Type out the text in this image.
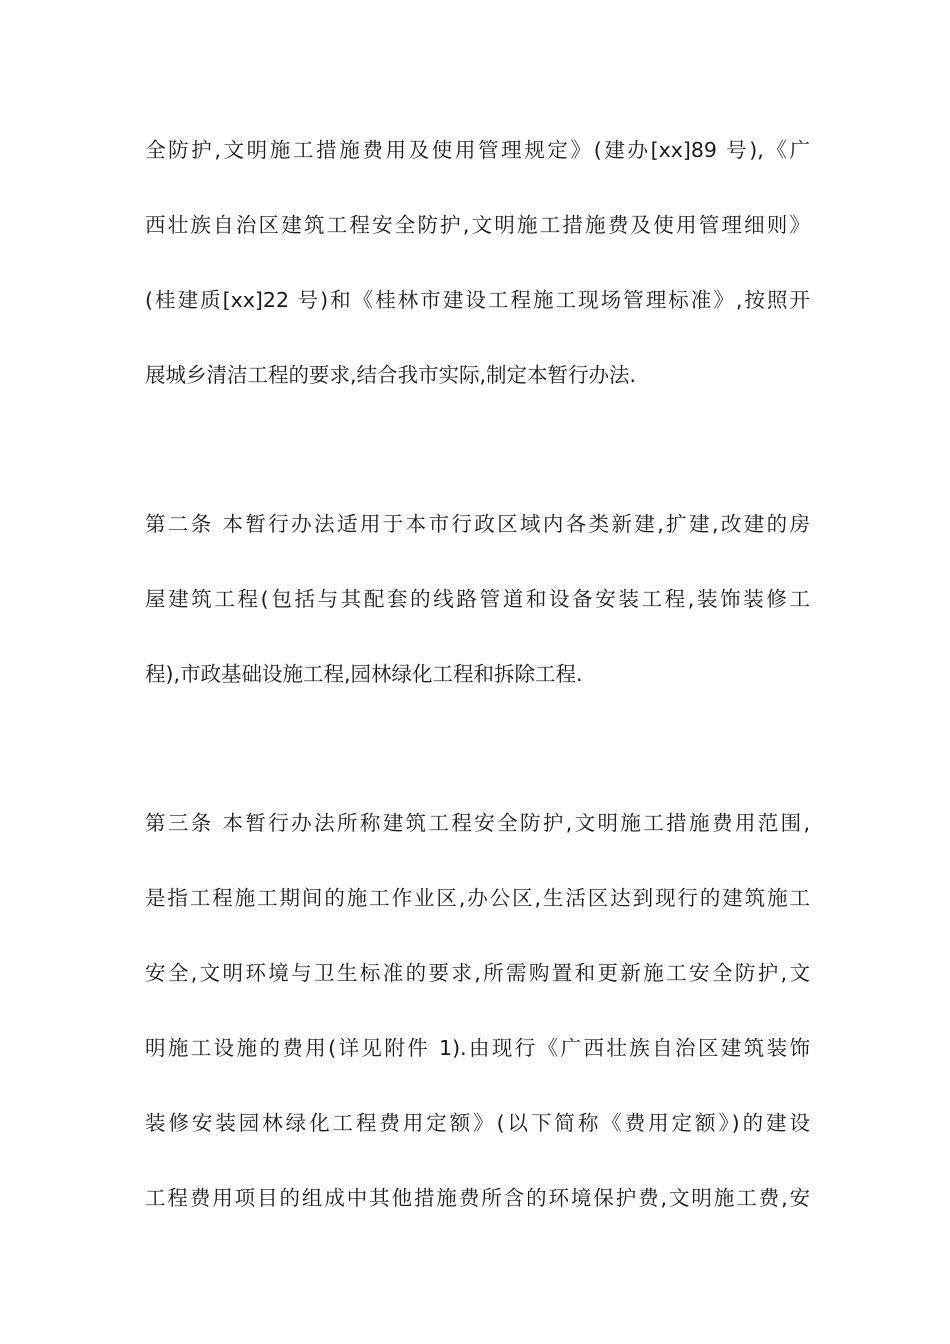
全防护,文明施工措施费用及使用管理规定》(建办[xx]89 号),《广
西壮族自治区建筑工程安全防护,文明施工措施费及使用管理细则》
(桂建质[xx]22 号)和《桂林市建设工程施工现场管理标准》,按照开
展城乡清洁工程的要求,结合我市实际,制定本暂行办法.
第二条 本暂行办法适用于本市行政区域内各类新建,扩建,改建的房
屋建筑工程(包括与其配套的线路管道和设备安装工程,装饰装修工
程),市政基础设施工程,园林绿化工程和拆除工程.
第三条 本暂行办法所称建筑工程安全防护,文明施工措施费用范围,
是指工程施工期间的施工作业区,办公区,生活区达到现行的建筑施工
安全,文明环境与卫生标准的要求,所需购置和更新施工安全防护,文
明施工设施的费用(详见附件 1).由现行《广西壮族自治区建筑装饰
装修安装园林绿化工程费用定额》(以下简称《费用定额》)的建设
工程费用项目的组成中其他措施费所含的环境保护费,文明施工费,安
